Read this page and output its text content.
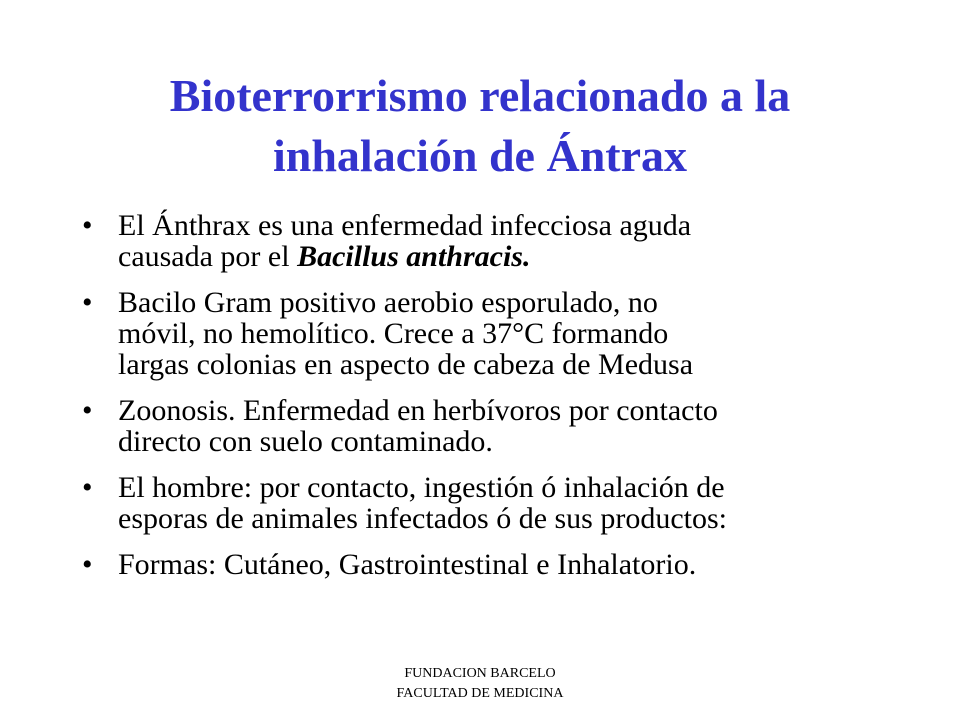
Bioterrorrismo relacionado a la
inhalación de Ántrax
• El Ánthrax es una enfermedad infecciosa aguda
causada por el Bacillus anthracis.
• Bacilo Gram positivo aerobio esporulado, no
móvil, no hemolítico. Crece a 37°C formando
largas colonias en aspecto de cabeza de Medusa
• Zoonosis. Enfermedad en herbívoros por contacto
directo con suelo contaminado.
• El hombre: por contacto, ingestión ó inhalación de
esporas de animales infectados ó de sus productos:
• Formas: Cutáneo, Gastrointestinal e Inhalatorio.
FUNDACION BARCELO
FACULTAD DE MEDICINA
